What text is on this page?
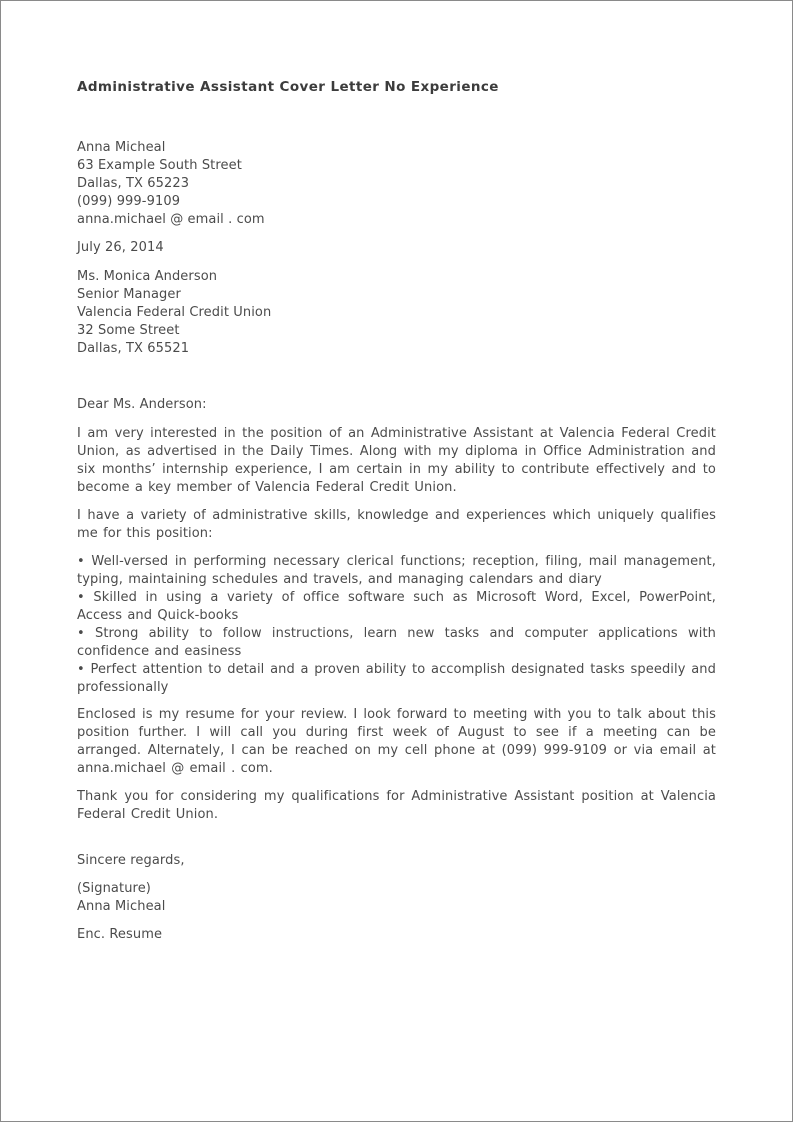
Administrative Assistant Cover Letter No Experience
Anna Micheal
63 Example South Street
Dallas, TX 65223
(099) 999-9109
anna.michael @ email . com
July 26, 2014
Ms. Monica Anderson
Senior Manager
Valencia Federal Credit Union
32 Some Street
Dallas, TX 65521
Dear Ms. Anderson:

I am very interested in the position of an Administrative Assistant at Valencia Federal Credit Union, as advertised in the Daily Times. Along with my diploma in Office Administration and six months’ internship experience, I am certain in my ability to contribute effectively and to become a key member of Valencia Federal Credit Union.

I have a variety of administrative skills, knowledge and experiences which uniquely qualifies me for this position:

• Well-versed in performing necessary clerical functions; reception, filing, mail management, typing, maintaining schedules and travels, and managing calendars and diary
• Skilled in using a variety of office software such as Microsoft Word, Excel, PowerPoint, Access and Quick-books
• Strong ability to follow instructions, learn new tasks and computer applications with confidence and easiness
• Perfect attention to detail and a proven ability to accomplish designated tasks speedily and professionally

Enclosed is my resume for your review. I look forward to meeting with you to talk about this position further. I will call you during first week of August to see if a meeting can be arranged. Alternately, I can be reached on my cell phone at (099) 999-9109 or via email at anna.michael @ email . com.

Thank you for considering my qualifications for Administrative Assistant position at Valencia Federal Credit Union.

Sincere regards,
(Signature)
Anna Micheal
Enc. Resume
